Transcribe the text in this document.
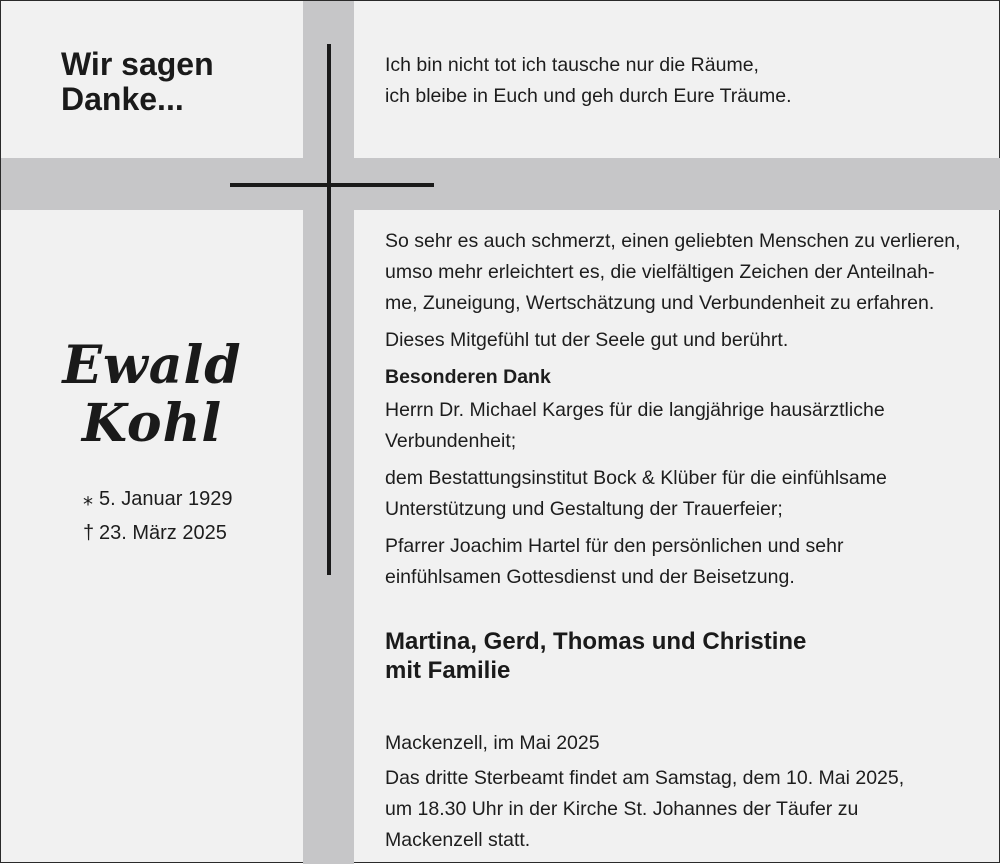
Wir sagen
Danke...
Ewald
Kohl
⁎ 5. Januar 1929
† 23. März 2025

Ich bin nicht tot ich tausche nur die Räume,

ich bleibe in Euch und geh durch Eure Träume.

So sehr es auch schmerzt, einen geliebten Menschen zu verlieren,
umso mehr erleichtert es, die vielfältigen Zeichen der Anteilnah-
me, Zuneigung, Wertschätzung und Verbundenheit zu erfahren.

Dieses Mitgefühl tut der Seele gut und berührt.

Besonderen Dank

Herrn Dr. Michael Karges für die langjährige hausärztliche
Verbundenheit;

dem Bestattungsinstitut Bock & Klüber für die einfühlsame
Unterstützung und Gestaltung der Trauerfeier;

Pfarrer Joachim Hartel für den persönlichen und sehr
einfühlsamen Gottesdienst und der Beisetzung.

Martina, Gerd, Thomas und Christine
mit Familie

Mackenzell, im Mai 2025

Das dritte Sterbeamt findet am Samstag, dem 10. Mai 2025,
um 18.30 Uhr in der Kirche St. Johannes der Täufer zu
Mackenzell statt.
